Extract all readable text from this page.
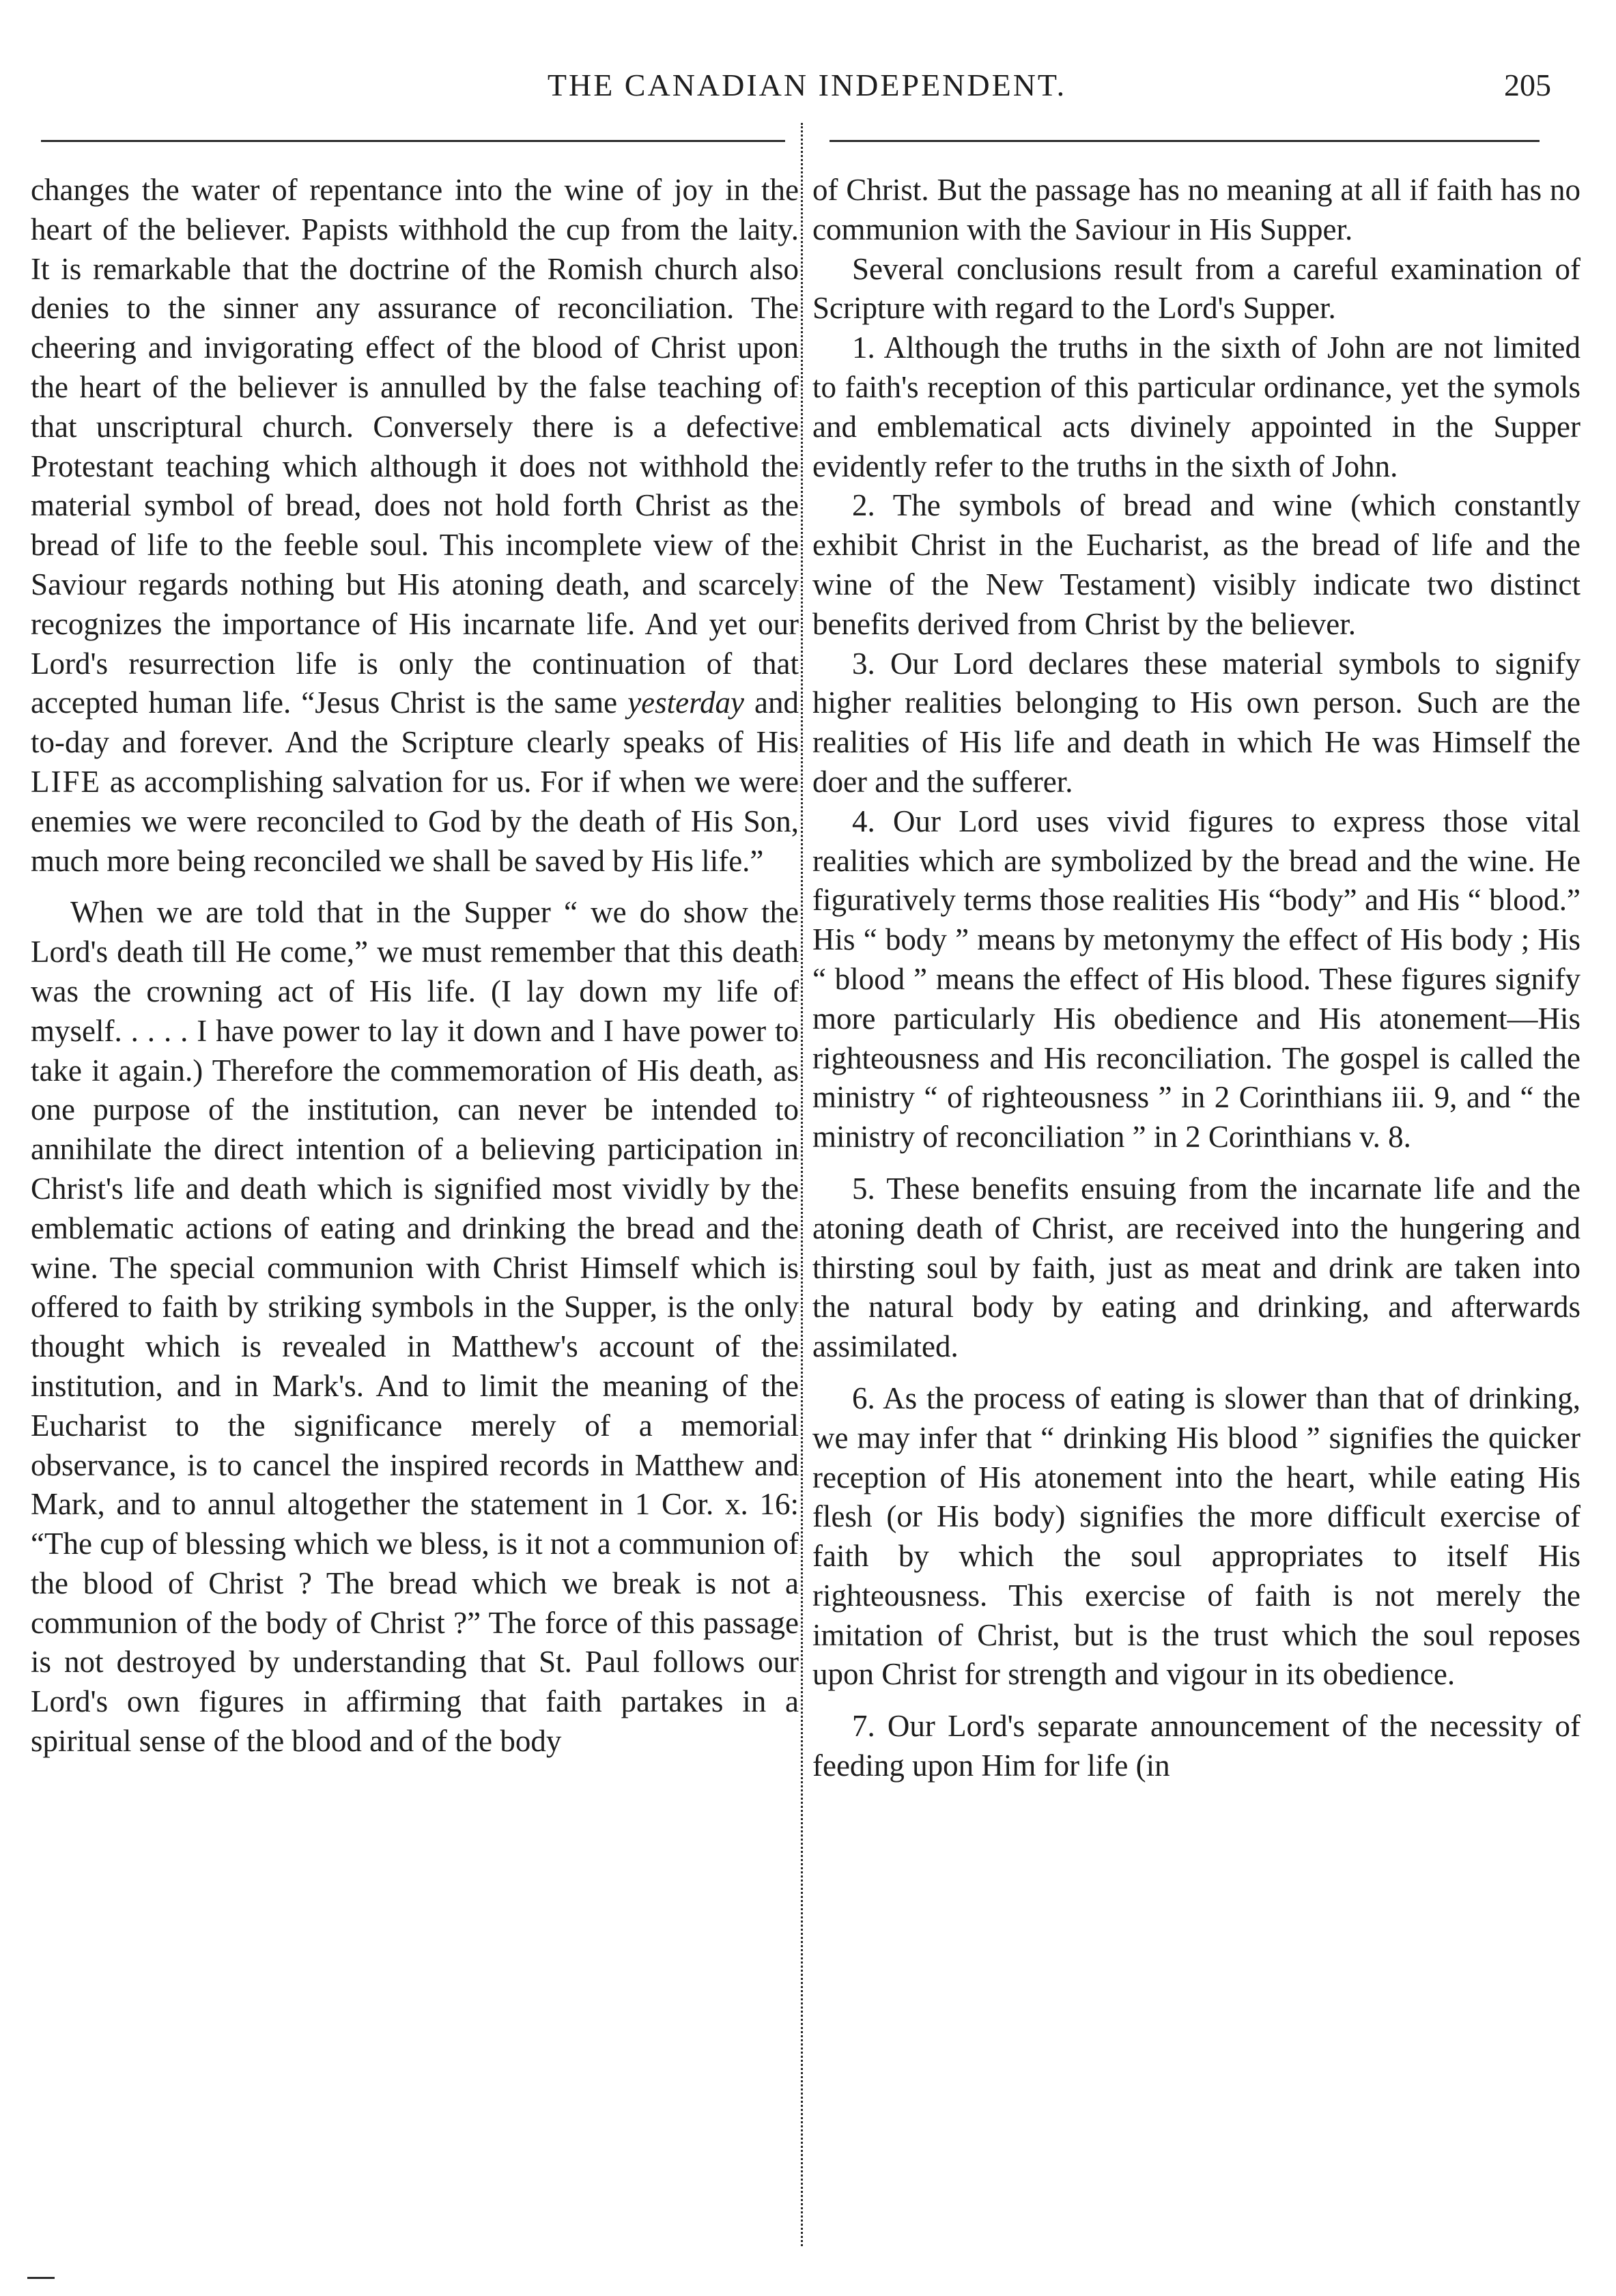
THE CANADIAN INDEPENDENT.	205

changes the water of repentance into the wine of joy in the heart of the believer. Papists withhold the cup from the laity. It is remarkable that the doctrine of the Romish church also denies to the sinner any assurance of reconciliation. The cheering and invigorating effect of the blood of Christ upon the heart of the believer is annulled by the false teaching of that unscriptural church. Conversely there is a defective Protestant teaching which although it does not withhold the material symbol of bread, does not hold forth Christ as the bread of life to the feeble soul. This incomplete view of the Saviour regards nothing but His atoning death, and scarcely recognizes the importance of His incarnate life. And yet our Lord's resurrection life is only the continuation of that accepted human life. “Jesus Christ is the same yesterday and to-day and forever. And the Scripture clearly speaks of His LIFE as accomplishing salvation for us. For if when we were enemies we were reconciled to God by the death of His Son, much more being reconciled we shall be saved by His life.”

When we are told that in the Supper “ we do show the Lord's death till He come,” we must remember that this death was the crowning act of His life. (I lay down my life of myself. . . . . I have power to lay it down and I have power to take it again.) Therefore the commemoration of His death, as one purpose of the institution, can never be intended to annihilate the direct intention of a believing participation in Christ's life and death which is signified most vividly by the emblematic actions of eating and drinking the bread and the wine. The special communion with Christ Himself which is offered to faith by striking symbols in the Supper, is the only thought which is revealed in Matthew's account of the institution, and in Mark's. And to limit the meaning of the Eucharist to the significance merely of a memorial observance, is to cancel the inspired records in Matthew and Mark, and to annul altogether the statement in 1 Cor. x. 16: “The cup of blessing which we bless, is it not a communion of the blood of Christ ? The bread which we break is not a communion of the body of Christ ?” The force of this passage is not destroyed by understanding that St. Paul follows our Lord's own figures in affirming that faith partakes in a spiritual sense of the blood and of the body

of Christ. But the passage has no meaning at all if faith has no communion with the Saviour in His Supper.

Several conclusions result from a careful examination of Scripture with regard to the Lord's Supper.

1. Although the truths in the sixth of John are not limited to faith's reception of this particular ordinance, yet the symols and emblematical acts divinely appointed in the Supper evidently refer to the truths in the sixth of John.

2. The symbols of bread and wine (which constantly exhibit Christ in the Eucharist, as the bread of life and the wine of the New Testament) visibly indicate two distinct benefits derived from Christ by the believer.

3. Our Lord declares these material symbols to signify higher realities belonging to His own person. Such are the realities of His life and death in which He was Himself the doer and the sufferer.

4. Our Lord uses vivid figures to express those vital realities which are symbolized by the bread and the wine. He figuratively terms those realities His “body” and His “ blood.” His “ body ” means by metonymy the effect of His body ; His “ blood ” means the effect of His blood. These figures signify more particularly His obedience and His atonement—His righteousness and His reconciliation. The gospel is called the ministry “ of righteousness ” in 2 Corinthians iii. 9, and “ the ministry of reconciliation ” in 2 Corinthians v. 8.

5. These benefits ensuing from the incarnate life and the atoning death of Christ, are received into the hungering and thirsting soul by faith, just as meat and drink are taken into the natural body by eating and drinking, and afterwards assimilated.

6. As the process of eating is slower than that of drinking, we may infer that “ drinking His blood ” signifies the quicker reception of His atonement into the heart, while eating His flesh (or His body) signifies the more difficult exercise of faith by which the soul appropriates to itself His righteousness. This exercise of faith is not merely the imitation of Christ, but is the trust which the soul reposes upon Christ for strength and vigour in its obedience.

7. Our Lord's separate announcement of the necessity of feeding upon Him for life (in
